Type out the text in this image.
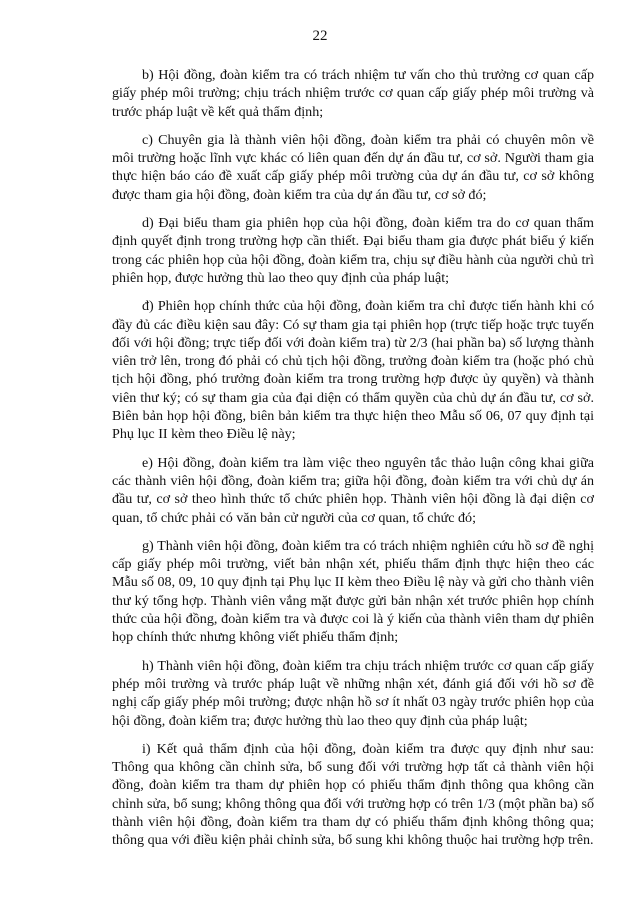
22

b) Hội đồng, đoàn kiểm tra có trách nhiệm tư vấn cho thủ trưởng cơ quan cấp giấy phép môi trường; chịu trách nhiệm trước cơ quan cấp giấy phép môi trường và trước pháp luật về kết quả thẩm định;

c) Chuyên gia là thành viên hội đồng, đoàn kiểm tra phải có chuyên môn về môi trường hoặc lĩnh vực khác có liên quan đến dự án đầu tư, cơ sở. Người tham gia thực hiện báo cáo đề xuất cấp giấy phép môi trường của dự án đầu tư, cơ sở không được tham gia hội đồng, đoàn kiểm tra của dự án đầu tư, cơ sở đó;

d) Đại biểu tham gia phiên họp của hội đồng, đoàn kiểm tra do cơ quan thẩm định quyết định trong trường hợp cần thiết. Đại biểu tham gia được phát biểu ý kiến trong các phiên họp của hội đồng, đoàn kiểm tra, chịu sự điều hành của người chủ trì phiên họp, được hưởng thù lao theo quy định của pháp luật;

đ) Phiên họp chính thức của hội đồng, đoàn kiểm tra chỉ được tiến hành khi có đầy đủ các điều kiện sau đây: Có sự tham gia tại phiên họp (trực tiếp hoặc trực tuyến đối với hội đồng; trực tiếp đối với đoàn kiểm tra) từ 2/3 (hai phần ba) số lượng thành viên trở lên, trong đó phải có chủ tịch hội đồng, trưởng đoàn kiểm tra (hoặc phó chủ tịch hội đồng, phó trưởng đoàn kiểm tra trong trường hợp được ủy quyền) và thành viên thư ký; có sự tham gia của đại diện có thẩm quyền của chủ dự án đầu tư, cơ sở. Biên bản họp hội đồng, biên bản kiểm tra thực hiện theo Mẫu số 06, 07 quy định tại Phụ lục II kèm theo Điều lệ này;

e) Hội đồng, đoàn kiểm tra làm việc theo nguyên tắc thảo luận công khai giữa các thành viên hội đồng, đoàn kiểm tra; giữa hội đồng, đoàn kiểm tra với chủ dự án đầu tư, cơ sở theo hình thức tổ chức phiên họp. Thành viên hội đồng là đại diện cơ quan, tổ chức phải có văn bản cử người của cơ quan, tổ chức đó;

g) Thành viên hội đồng, đoàn kiểm tra có trách nhiệm nghiên cứu hồ sơ đề nghị cấp giấy phép môi trường, viết bản nhận xét, phiếu thẩm định thực hiện theo các Mẫu số 08, 09, 10 quy định tại Phụ lục II kèm theo Điều lệ này và gửi cho thành viên thư ký tổng hợp. Thành viên vắng mặt được gửi bản nhận xét trước phiên họp chính thức của hội đồng, đoàn kiểm tra và được coi là ý kiến của thành viên tham dự phiên họp chính thức nhưng không viết phiếu thẩm định;

h) Thành viên hội đồng, đoàn kiểm tra chịu trách nhiệm trước cơ quan cấp giấy phép môi trường và trước pháp luật về những nhận xét, đánh giá đối với hồ sơ đề nghị cấp giấy phép môi trường; được nhận hồ sơ ít nhất 03 ngày trước phiên họp của hội đồng, đoàn kiểm tra; được hưởng thù lao theo quy định của pháp luật;

i) Kết quả thẩm định của hội đồng, đoàn kiểm tra được quy định như sau: Thông qua không cần chỉnh sửa, bổ sung đối với trường hợp tất cả thành viên hội đồng, đoàn kiểm tra tham dự phiên họp có phiếu thẩm định thông qua không cần chỉnh sửa, bổ sung; không thông qua đối với trường hợp có trên 1/3 (một phần ba) số thành viên hội đồng, đoàn kiểm tra tham dự có phiếu thẩm định không thông qua; thông qua với điều kiện phải chỉnh sửa, bổ sung khi không thuộc hai trường hợp trên.
